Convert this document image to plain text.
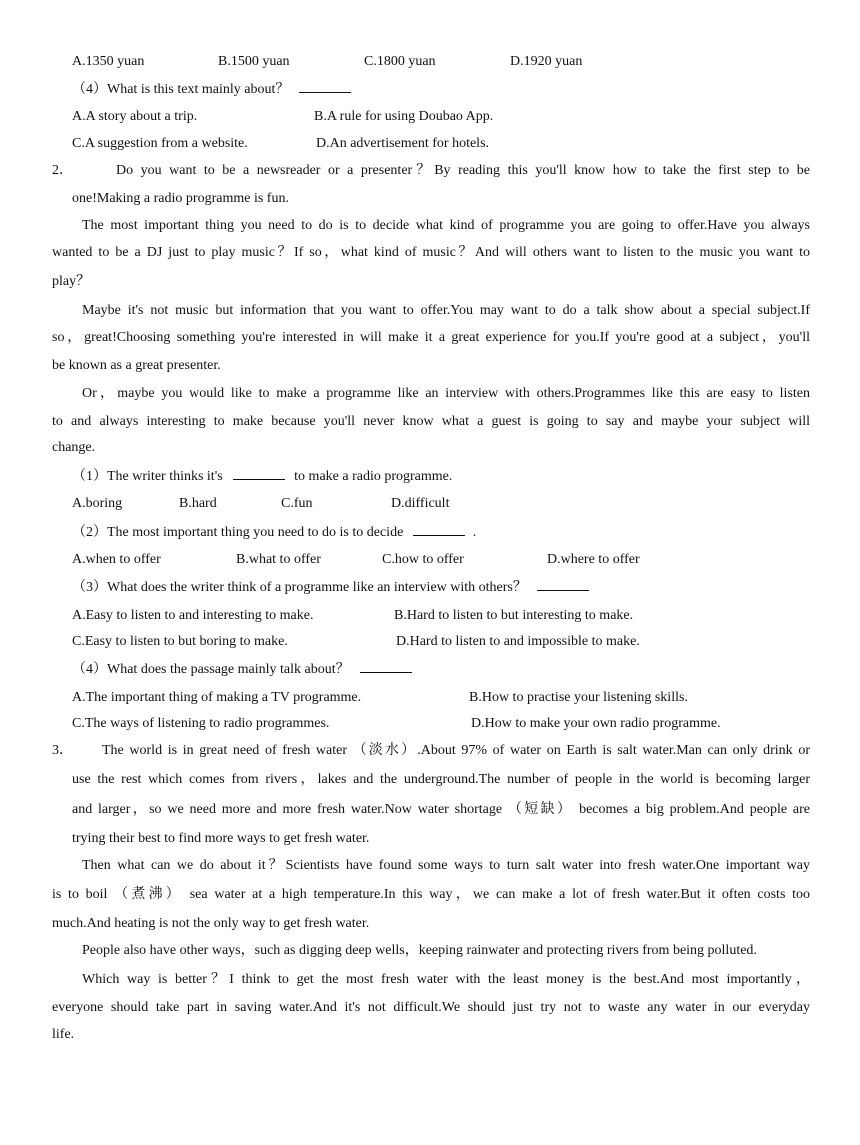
A.1350 yuan	B.1500 yuan	C.1800 yuan	D.1920 yuan
（4）What is this text mainly about？
A.A story about a trip.	B.A rule for using Doubao App.
C.A suggestion from a website.	D.An advertisement for hotels.
2．	Do you want to be a newsreader or a presenter？By reading this you'll know how to take the first step to be
one!Making a radio programme is fun.
The most important thing you need to do is to decide what kind of programme you are going to offer.Have you always
wanted to be a DJ just to play music？If so，what kind of music？And will others want to listen to the music you want to
play？
Maybe it's not music but information that you want to offer.You may want to do a talk show about a special subject.If
so，great!Choosing something you're interested in will make it a great experience for you.If you're good at a subject，you'll
be known as a great presenter.
Or，maybe you would like to make a programme like an interview with others.Programmes like this are easy to listen
to and always interesting to make because you'll never know what a guest is going to say and maybe your subject will
change.
（1）The writer thinks it's	to make a radio programme.
A.boring	B.hard	C.fun	D.difficult
（2）The most important thing you need to do is to decide	.
A.when to offer	B.what to offer	C.how to offer	D.where to offer
（3）What does the writer think of a programme like an interview with others？
A.Easy to listen to and interesting to make.	B.Hard to listen to but interesting to make.
C.Easy to listen to but boring to make.	D.Hard to listen to and impossible to make.
（4）What does the passage mainly talk about？
A.The important thing of making a TV programme.	B.How to practise your listening skills.
C.The ways of listening to radio programmes.	D.How to make your own radio programme.
3． The world is in great need of fresh water （淡水）.About 97% of water on Earth is salt water.Man can only drink or
use the rest which comes from rivers，lakes and the underground.The number of people in the world is becoming larger
and larger，so we need more and more fresh water.Now water shortage （短缺） becomes a big problem.And people are
trying their best to find more ways to get fresh water.
Then what can we do about it？Scientists have found some ways to turn salt water into fresh water.One important way
is to boil （煮沸） sea water at a high temperature.In this way，we can make a lot of fresh water.But it often costs too
much.And heating is not the only way to get fresh water.
People also have other ways，such as digging deep wells，keeping rainwater and protecting rivers from being polluted.
Which way is better？I think to get the most fresh water with the least money is the best.And most importantly，
everyone should take part in saving water.And it's not difficult.We should just try not to waste any water in our everyday
life.
